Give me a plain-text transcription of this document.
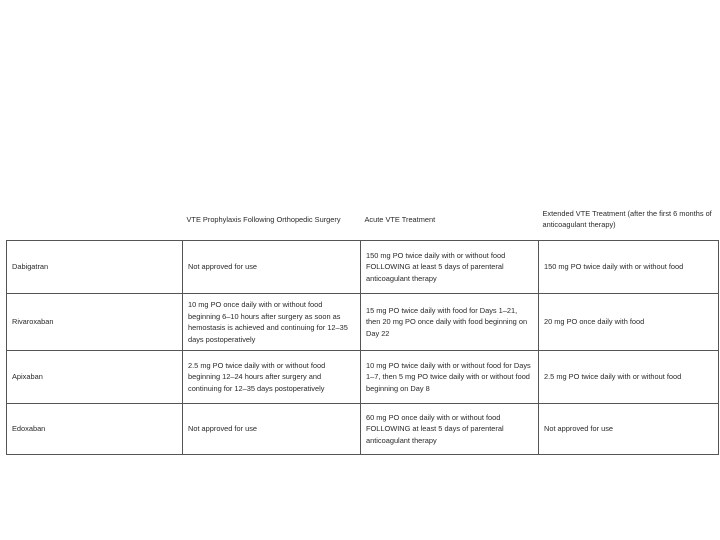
	VTE Prophylaxis Following Orthopedic Surgery	Acute VTE Treatment	Extended VTE Treatment (after the first 6 months of anticoagulant therapy)
Dabigatran	Not approved for use	150 mg PO twice daily with or without food FOLLOWING at least 5 days of parenteral anticoagulant therapy	150 mg PO twice daily with or without food
Rivaroxaban	10 mg PO once daily with or without food beginning 6–10 hours after surgery as soon as hemostasis is achieved and continuing for 12–35 days postoperatively	15 mg PO twice daily with food for Days 1–21, then 20 mg PO once daily with food beginning on Day 22	20 mg PO once daily with food
Apixaban	2.5 mg PO twice daily with or without food beginning 12–24 hours after surgery and continuing for 12–35 days postoperatively	10 mg PO twice daily with or without food for Days 1–7, then 5 mg PO twice daily with or without food beginning on Day 8	2.5 mg PO twice daily with or without food
Edoxaban	Not approved for use	60 mg PO once daily with or without food FOLLOWING at least 5 days of parenteral anticoagulant therapy	Not approved for use
